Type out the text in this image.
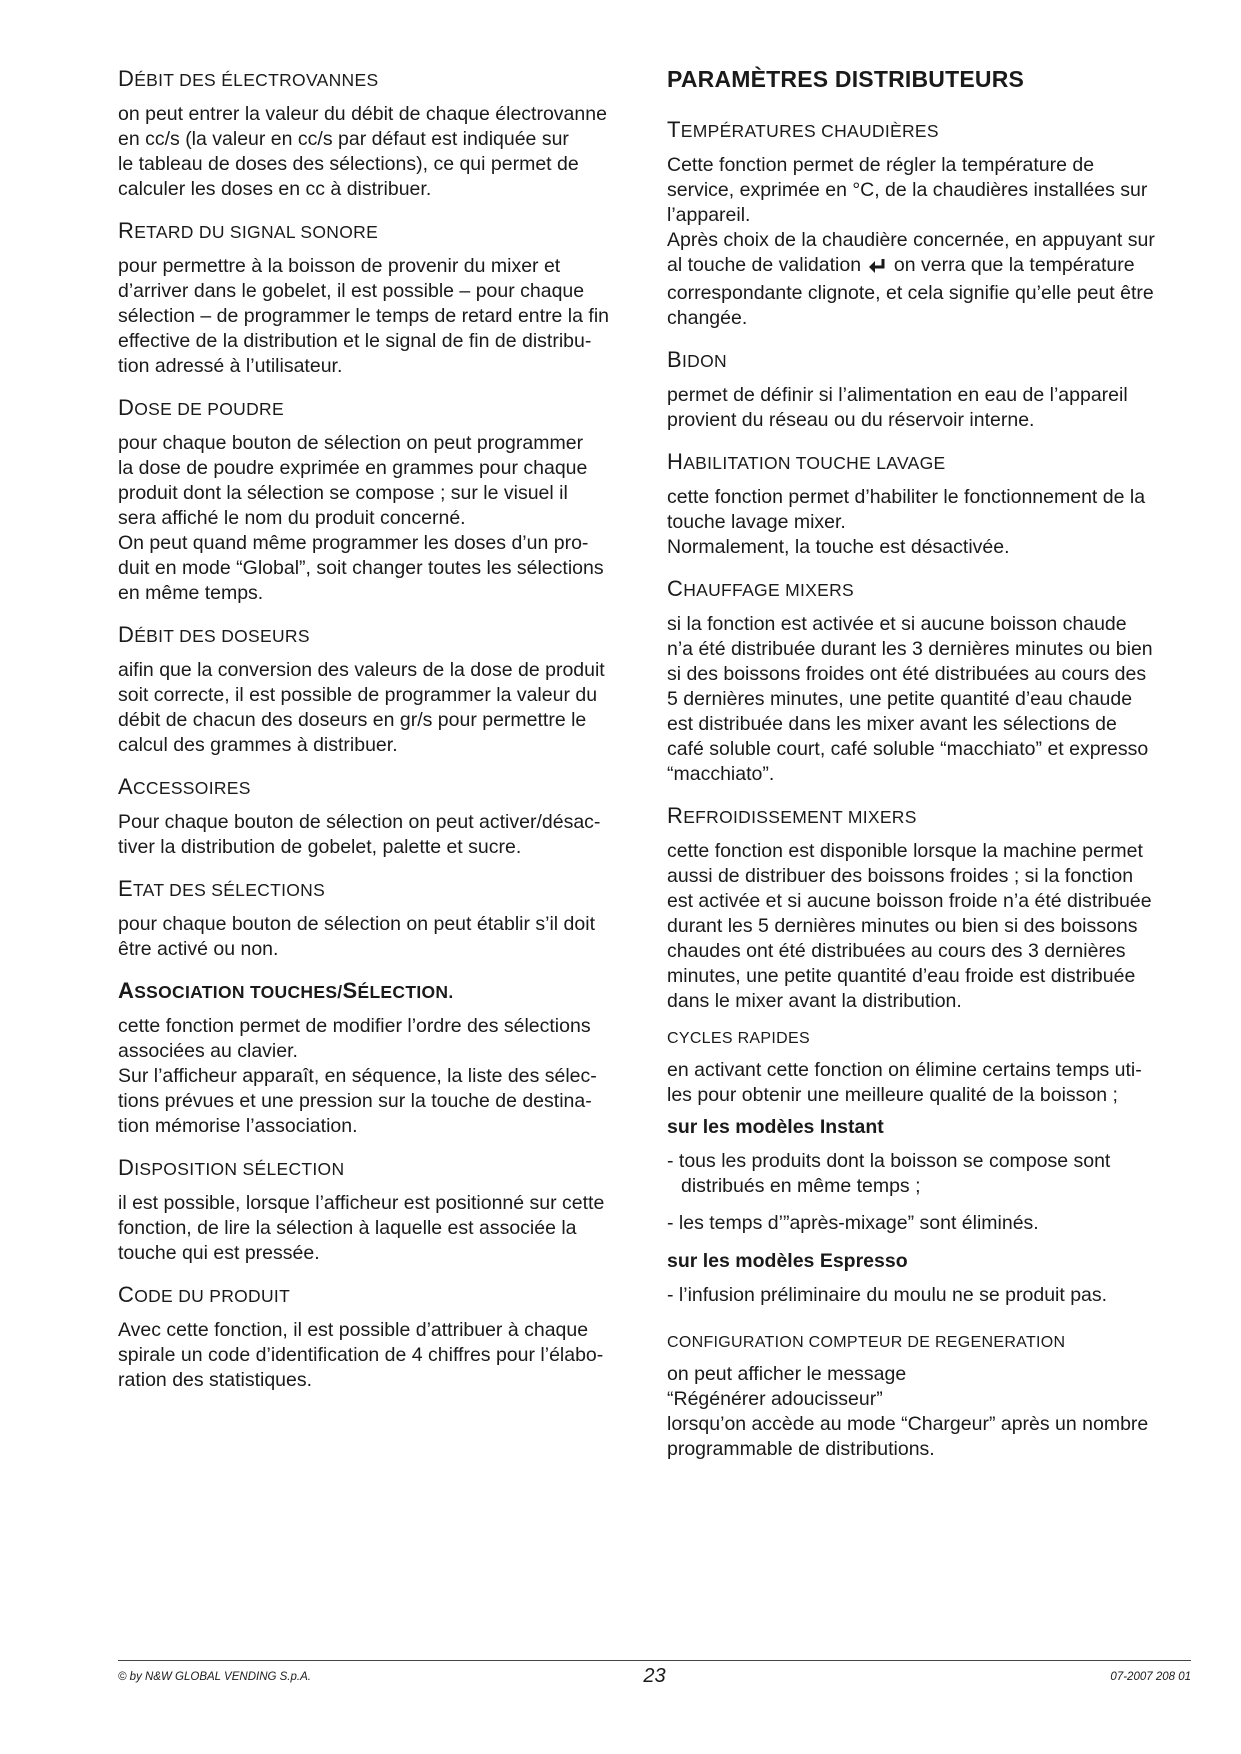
DÉBIT DES ÉLECTROVANNES

on peut entrer la valeur du débit de chaque électrovanne
en cc/s (la valeur en cc/s par défaut est indiquée sur
le tableau de doses des sélections), ce qui permet de
calculer les doses en cc à distribuer.

RETARD DU SIGNAL SONORE

pour permettre à la boisson de provenir du mixer et
d’arriver dans le gobelet, il est possible – pour chaque
sélection – de programmer le temps de retard entre la fin
effective de la distribution et le signal de fin de distribu-
tion adressé à l’utilisateur.

DOSE DE POUDRE

pour chaque bouton de sélection on peut programmer
la dose de poudre exprimée en grammes pour chaque
produit dont la sélection se compose ; sur le visuel il
sera affiché le nom du produit concerné.
On peut quand même programmer les doses d’un pro-
duit en mode “Global”, soit changer toutes les sélections
en même temps.

DÉBIT DES DOSEURS

aifin que la conversion des valeurs de la dose de produit
soit correcte, il est possible de programmer la valeur du
débit de chacun des doseurs en gr/s pour permettre le
calcul des grammes à distribuer.

ACCESSOIRES

Pour chaque bouton de sélection on peut activer/désac-
tiver la distribution de gobelet, palette et sucre.

ETAT DES SÉLECTIONS

pour chaque bouton de sélection on peut établir s’il doit
être activé ou non.

ASSOCIATION TOUCHES/SÉLECTION.

cette fonction permet de modifier l’ordre des sélections
associées au clavier.
Sur l’afficheur apparaît, en séquence, la liste des sélec-
tions prévues et une pression sur la touche de destina-
tion mémorise l’association.

DISPOSITION SÉLECTION

il est possible, lorsque l’afficheur est positionné sur cette
fonction, de lire la sélection à laquelle est associée la
touche qui est pressée.

CODE DU PRODUIT

Avec cette fonction, il est possible d’attribuer à chaque
spirale un code d’identification de 4 chiffres pour l’élabo-
ration des statistiques.

PARAMÈTRES DISTRIBUTEURS
TEMPÉRATURES CHAUDIÈRES

Cette fonction permet de régler la température de
service, exprimée en °C, de la chaudières installées sur
l’appareil.
Après choix de la chaudière concernée, en appuyant sur
al touche de validation on verra que la température
correspondante clignote, et cela signifie qu’elle peut être
changée.

BIDON

permet de définir si l’alimentation en eau de l’appareil
provient du réseau ou du réservoir interne.

HABILITATION TOUCHE LAVAGE

cette fonction permet d’habiliter le fonctionnement de la
touche lavage mixer.
Normalement, la touche est désactivée.

CHAUFFAGE MIXERS

si la fonction est activée et si aucune boisson chaude
n’a été distribuée durant les 3 dernières minutes ou bien
si des boissons froides ont été distribuées au cours des
5 dernières minutes, une petite quantité d’eau chaude
est distribuée dans les mixer avant les sélections de
café soluble court, café soluble “macchiato” et expresso
“macchiato”.

REFROIDISSEMENT MIXERS

cette fonction est disponible lorsque la machine permet
aussi de distribuer des boissons froides ; si la fonction
est activée et si aucune boisson froide n’a été distribuée
durant les 5 dernières minutes ou bien si des boissons
chaudes ont été distribuées au cours des 3 dernières
minutes, une petite quantité d’eau froide est distribuée
dans le mixer avant la distribution.

CYCLES RAPIDES

en activant cette fonction on élimine certains temps uti-
les pour obtenir une meilleure qualité de la boisson ;

sur les modèles Instant
- tous les produits dont la boisson se compose sont
distribués en même temps ;
- les temps d’”après-mixage” sont éliminés.
sur les modèles Espresso
- l’infusion préliminaire du moulu ne se produit pas.
CONFIGURATION COMPTEUR DE REGENERATION

on peut afficher le message
“Régénérer adoucisseur”
lorsqu’on accède au mode “Chargeur” après un nombre
programmable de distributions.

© by N&W GLOBAL VENDING S.p.A.	23	07-2007 208 01
